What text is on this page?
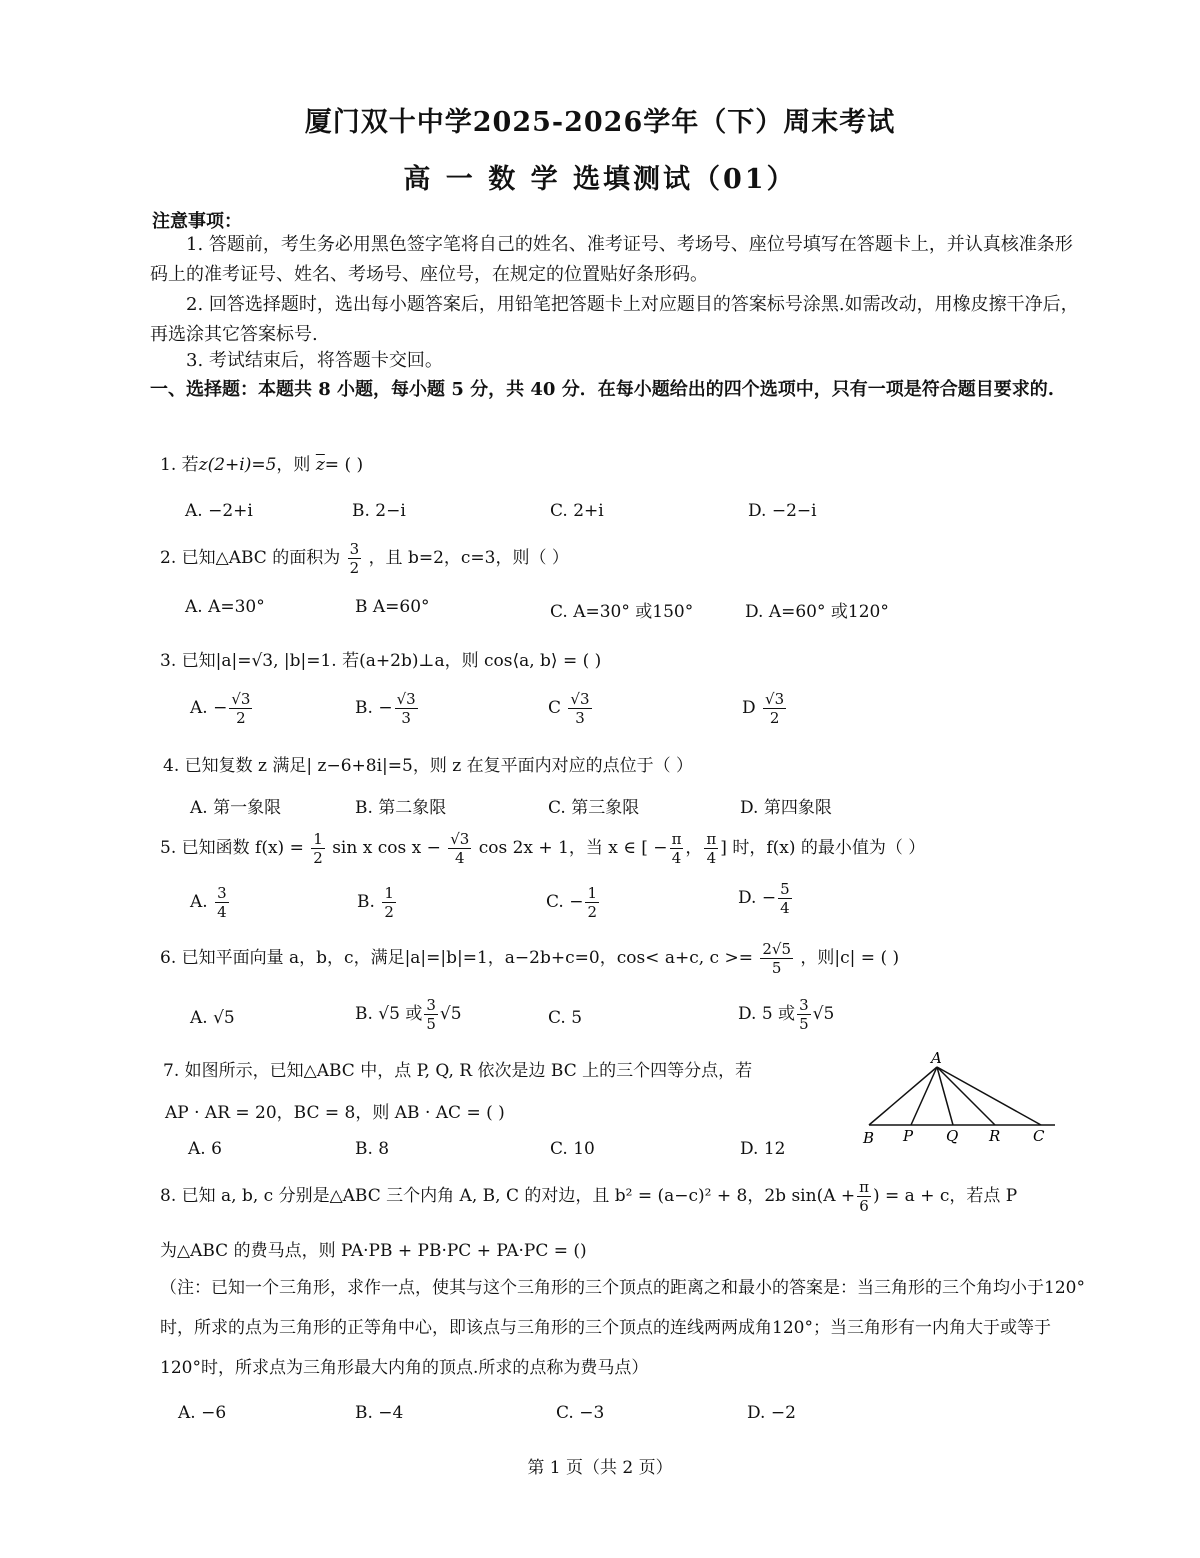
厦门双十中学2025-2026学年（下）周末考试
高 一 数 学 选填测试（01）
注意事项：
1. 答题前，考生务必用黑色签字笔将自己的姓名、准考证号、考场号、座位号填写在答题卡上，并认真核准条形码上的准考证号、姓名、考场号、座位号，在规定的位置贴好条形码。
2. 回答选择题时，选出每小题答案后，用铅笔把答题卡上对应题目的答案标号涂黑.如需改动，用橡皮擦干净后，再选涂其它答案标号.
3. 考试结束后，将答题卡交回。
一、选择题：本题共 8 小题，每小题 5 分，共 40 分．在每小题给出的四个选项中，只有一项是符合题目要求的.
1. 若z(2+i)=5，则 $\overline{z}=$ ( )
A. −2+i	B. 2−i	C. 2+i	D. −2−i
2. 已知△ABC 的面积为 $\frac{3}{2}$ ，且 b=2，c=3，则（ ）
A. A=30°	B A=60°	C. A=30° 或150°	D. A=60° 或120°
3. 已知|a|=√3, |b|=1. 若(a+2b)⊥a，则 cos⟨a, b⟩ = ( )
A. − $\frac{√3}{2}$	B. − $\frac{√3}{3}$	C $\frac{√3}{3}$	D $\frac{√3}{2}$
4. 已知复数 z 满足| z−6+8i|=5，则 z 在复平面内对应的点位于（ ）
A. 第一象限	B. 第二象限	C. 第三象限	D. 第四象限
5. 已知函数 $f(x) = \frac{1}{2}$ sin x $\cos x - \frac{√3}{4}$ cos 2x + 1，当 x ∈ [ − $\frac{\pi}{4}$ ， $\frac{\pi}{4}$ ] 时，f(x) 的最小值为（ ）
A. $\frac{3}{4}$	B. $\frac{1}{2}$	C. − $\frac{1}{2}$	D. − $\frac{5}{4}$
6. 已知平面向量 a，b，c，满足|a|=|b|=1，a−2b+c=0，cos< a+c, $c >= \frac{2√5}{5}$ ，则|c| = ( )
A. √5	B. √5 或 $\frac{3}{5} √5$	C. 5	D. 5 或 $\frac{3}{5} √5$
7. 如图所示，已知△ABC 中，点 P, Q, R 依次是边 BC 上的三个四等分点，若
AP · AR = 20，BC = 8，则 AB · AC = ( )
A. 6	B. 8	C. 10	D. 12
A
B P Q R C
8. 已知 a, b, c 分别是△ABC 三个内角 A, B, C 的对边，且 b² = (a−c)² + 8，2b $\sin(A + \frac{\pi}{6}$ ) = a + c，若点 P
为△ABC 的费马点，则 PA·PB + PB·PC + PA·PC = ()
（注：已知一个三角形，求作一点，使其与这个三角形的三个顶点的距离之和最小的答案是：当三角形的三个角均小于120°时，所求的点为三角形的正等角中心，即该点与三角形的三个顶点的连线两两成角120°；当三角形有一内角大于或等于120°时，所求点为三角形最大内角的顶点.所求的点称为费马点）
A. −6	B. −4	C. −3	D. −2
第 1 页（共 2 页）
